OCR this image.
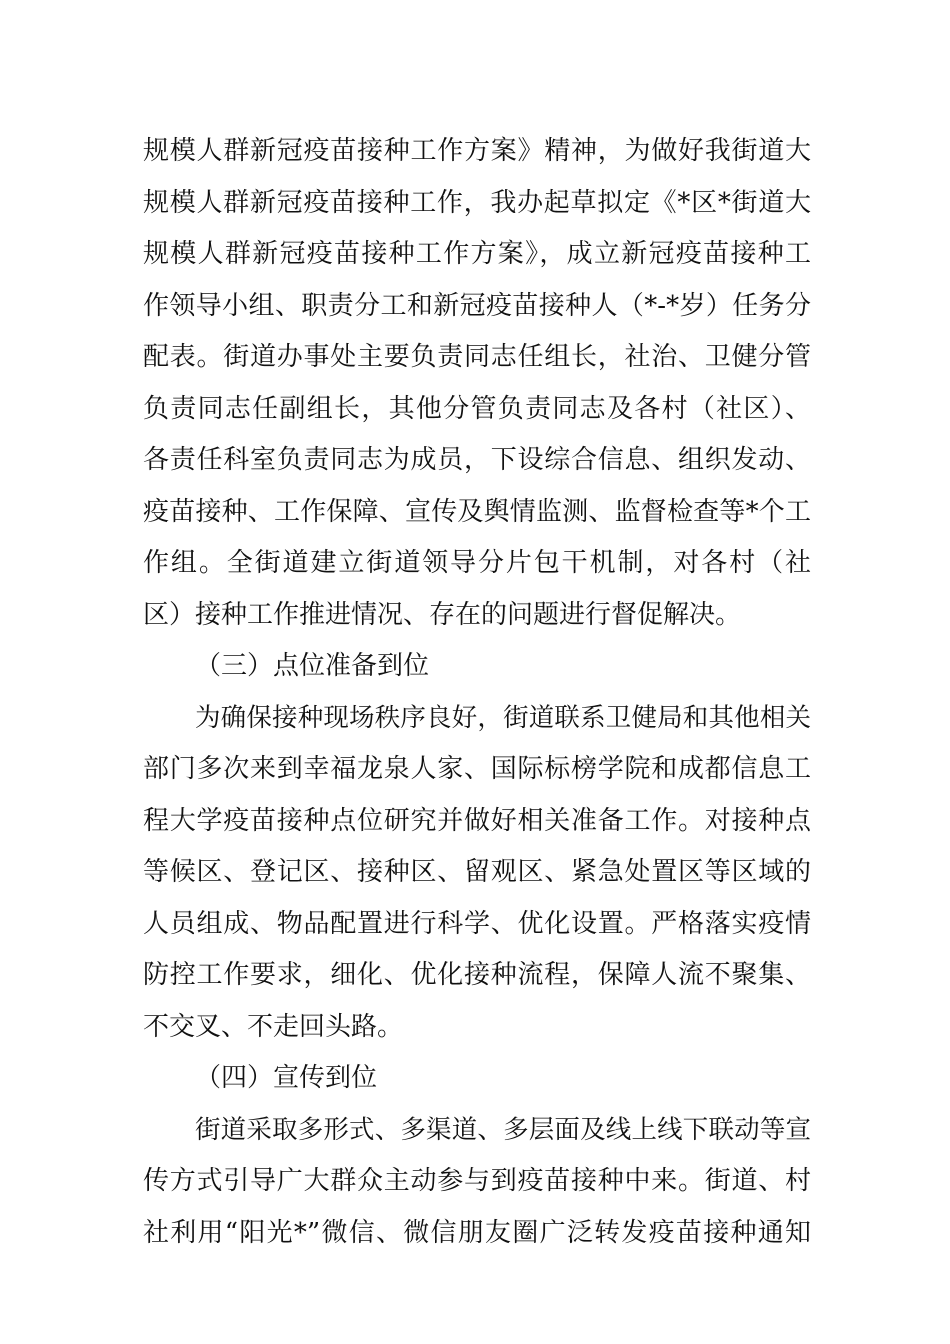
规模人群新冠疫苗接种工作方案》精神，为做好我街道大
规模人群新冠疫苗接种工作，我办起草拟定《*区*街道大
规模人群新冠疫苗接种工作方案》，成立新冠疫苗接种工
作领导小组、职责分工和新冠疫苗接种人（*-*岁）任务分
配表。街道办事处主要负责同志任组长，社治、卫健分管
负责同志任副组长，其他分管负责同志及各村（社区）、
各责任科室负责同志为成员，下设综合信息、组织发动、
疫苗接种、工作保障、宣传及舆情监测、监督检查等*个工
作组。全街道建立街道领导分片包干机制，对各村（社
区）接种工作推进情况、存在的问题进行督促解决。
（三）点位准备到位
为确保接种现场秩序良好，街道联系卫健局和其他相关
部门多次来到幸福龙泉人家、国际标榜学院和成都信息工
程大学疫苗接种点位研究并做好相关准备工作。对接种点
等候区、登记区、接种区、留观区、紧急处置区等区域的
人员组成、物品配置进行科学、优化设置。严格落实疫情
防控工作要求，细化、优化接种流程，保障人流不聚集、
不交叉、不走回头路。
（四）宣传到位
街道采取多形式、多渠道、多层面及线上线下联动等宣
传方式引导广大群众主动参与到疫苗接种中来。街道、村
社利用“阳光*”微信、微信朋友圈广泛转发疫苗接种通知
